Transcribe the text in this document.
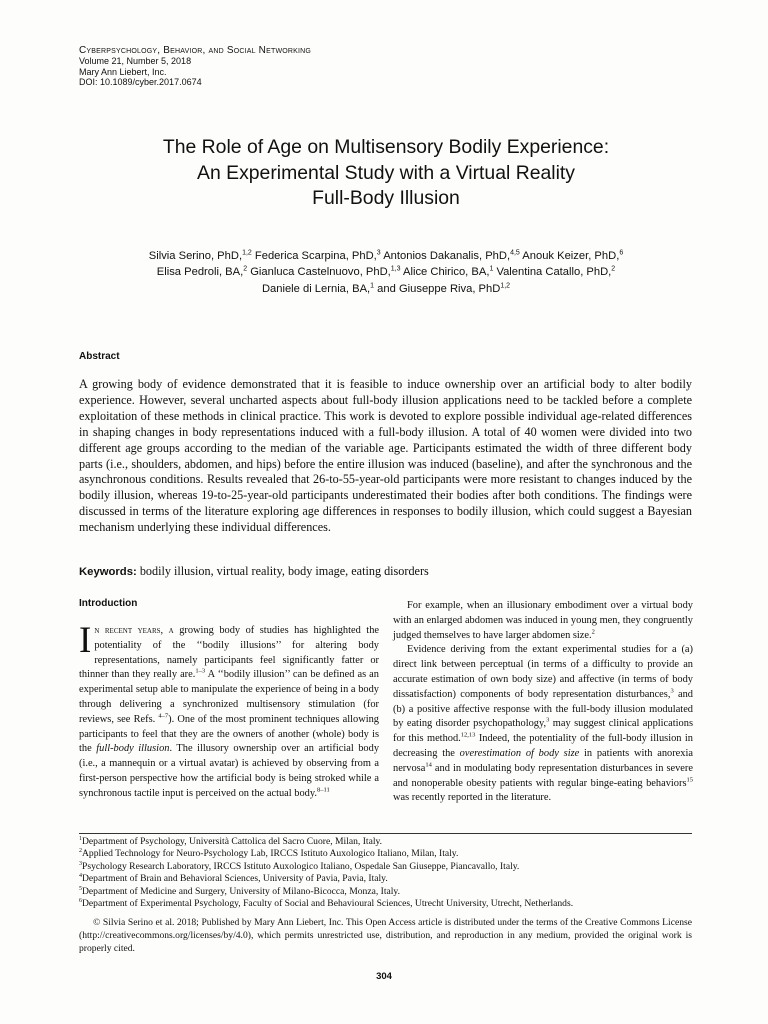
Cyberpsychology, Behavior, and Social Networking
Volume 21, Number 5, 2018
Mary Ann Liebert, Inc.
DOI: 10.1089/cyber.2017.0674
The Role of Age on Multisensory Bodily Experience:
An Experimental Study with a Virtual Reality
Full-Body Illusion
Silvia Serino, PhD,$^{1,2}$ Federica Scarpina, PhD,$^3$ Antonios Dakanalis, PhD,$^{4,5}$ Anouk Keizer, PhD,$^6$
Elisa Pedroli, BA,$^2$ Gianluca Castelnuovo, PhD,$^{1,3}$ Alice Chirico, BA,$^1$ Valentina Catallo, PhD,$^2$
Daniele di Lernia, BA,$^1$ and Giuseppe Riva, PhD$^{1,2}$
Abstract

A growing body of evidence demonstrated that it is feasible to induce ownership over an artificial body to alter bodily experience. However, several uncharted aspects about full-body illusion applications need to be tackled before a complete exploitation of these methods in clinical practice. This work is devoted to explore possible individual age-related differences in shaping changes in body representations induced with a full-body illusion. A total of 40 women were divided into two different age groups according to the median of the variable age. Participants estimated the width of three different body parts (i.e., shoulders, abdomen, and hips) before the entire illusion was induced (baseline), and after the synchronous and the asynchronous conditions. Results revealed that 26-to-55-year-old participants were more resistant to changes induced by the bodily illusion, whereas 19-to-25-year-old participants underestimated their bodies after both conditions. The findings were discussed in terms of the literature exploring age differences in responses to bodily illusion, which could suggest a Bayesian mechanism underlying these individual differences.

Keywords: bodily illusion, virtual reality, body image, eating disorders
Introduction

In recent years, a growing body of studies has highlighted the potentiality of the ‘‘bodily illusions’’ for altering body representations, namely participants feel significantly fatter or thinner than they really are.$^{1-3}$ A ‘‘bodily illusion’’ can be defined as an experimental setup able to manipulate the experience of being in a body through delivering a synchronized multisensory stimulation (for reviews, see Refs. $^{4-7}$). One of the most prominent techniques allowing participants to feel that they are the owners of another (whole) body is the full-body illusion. The illusory ownership over an artificial body (i.e., a mannequin or a virtual avatar) is achieved by observing from a first-person perspective how the artificial body is being stroked while a synchronous tactile input is perceived on the actual body.$^{8-11}$

For example, when an illusionary embodiment over a virtual body with an enlarged abdomen was induced in young men, they congruently judged themselves to have larger abdomen size.$^2$

Evidence deriving from the extant experimental studies for a (a) direct link between perceptual (in terms of a difficulty to provide an accurate estimation of own body size) and affective (in terms of body dissatisfaction) components of body representation disturbances,$^3$ and (b) a positive affective response with the full-body illusion modulated by eating disorder psychopathology,$^3$ may suggest clinical applications for this method.$^{12,13}$ Indeed, the potentiality of the full-body illusion in decreasing the overestimation of body size in patients with anorexia nervosa$^{14}$ and in modulating body representation disturbances in severe and nonoperable obesity patients with regular binge-eating behaviors$^{15}$ was recently reported in the literature.

$^1$Department of Psychology, Università Cattolica del Sacro Cuore, Milan, Italy.
$^2$Applied Technology for Neuro-Psychology Lab, IRCCS Istituto Auxologico Italiano, Milan, Italy.
$^3$Psychology Research Laboratory, IRCCS Istituto Auxologico Italiano, Ospedale San Giuseppe, Piancavallo, Italy.
$^4$Department of Brain and Behavioral Sciences, University of Pavia, Pavia, Italy.
$^5$Department of Medicine and Surgery, University of Milano-Bicocca, Monza, Italy.
$^6$Department of Experimental Psychology, Faculty of Social and Behavioural Sciences, Utrecht University, Utrecht, Netherlands.

© Silvia Serino et al. 2018; Published by Mary Ann Liebert, Inc. This Open Access article is distributed under the terms of the Creative Commons License (http://creativecommons.org/licenses/by/4.0), which permits unrestricted use, distribution, and reproduction in any medium, provided the original work is properly cited.

304
